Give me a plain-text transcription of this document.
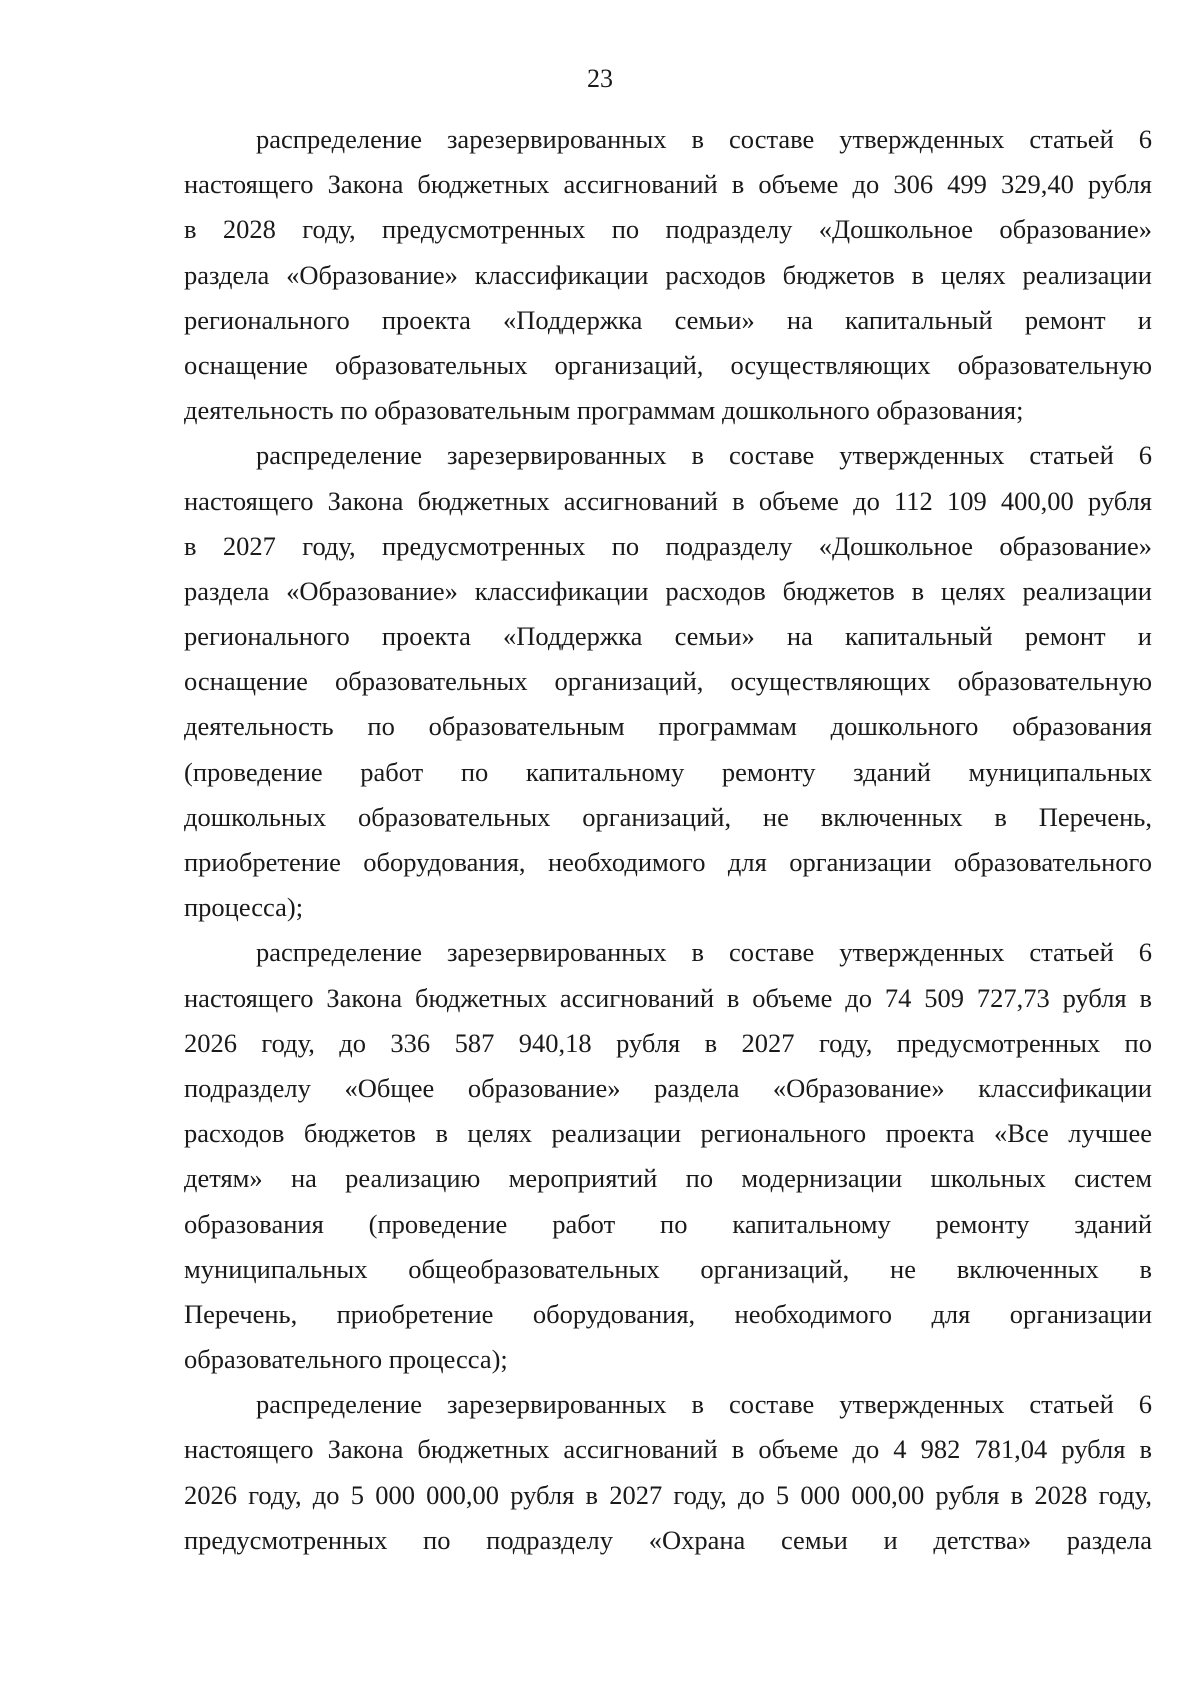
23

распределение зарезервированных в составе утвержденных статьей 6
настоящего Закона бюджетных ассигнований в объеме до 306 499 329,40 рубля
в 2028 году, предусмотренных по подразделу «Дошкольное образование»
раздела «Образование» классификации расходов бюджетов в целях реализации
регионального проекта «Поддержка семьи» на капитальный ремонт и
оснащение образовательных организаций, осуществляющих образовательную
деятельность по образовательным программам дошкольного образования;

распределение зарезервированных в составе утвержденных статьей 6
настоящего Закона бюджетных ассигнований в объеме до 112 109 400,00 рубля
в 2027 году, предусмотренных по подразделу «Дошкольное образование»
раздела «Образование» классификации расходов бюджетов в целях реализации
регионального проекта «Поддержка семьи» на капитальный ремонт и
оснащение образовательных организаций, осуществляющих образовательную
деятельность по образовательным программам дошкольного образования
(проведение работ по капитальному ремонту зданий муниципальных
дошкольных образовательных организаций, не включенных в Перечень,
приобретение оборудования, необходимого для организации образовательного
процесса);

распределение зарезервированных в составе утвержденных статьей 6
настоящего Закона бюджетных ассигнований в объеме до 74 509 727,73 рубля в
2026 году, до 336 587 940,18 рубля в 2027 году, предусмотренных по
подразделу «Общее образование» раздела «Образование» классификации
расходов бюджетов в целях реализации регионального проекта «Все лучшее
детям» на реализацию мероприятий по модернизации школьных систем
образования (проведение работ по капитальному ремонту зданий
муниципальных общеобразовательных организаций, не включенных в
Перечень, приобретение оборудования, необходимого для организации
образовательного процесса);

распределение зарезервированных в составе утвержденных статьей 6
настоящего Закона бюджетных ассигнований в объеме до 4 982 781,04 рубля в
2026 году, до 5 000 000,00 рубля в 2027 году, до 5 000 000,00 рубля в 2028 году,
предусмотренных по подразделу «Охрана семьи и детства» раздела
